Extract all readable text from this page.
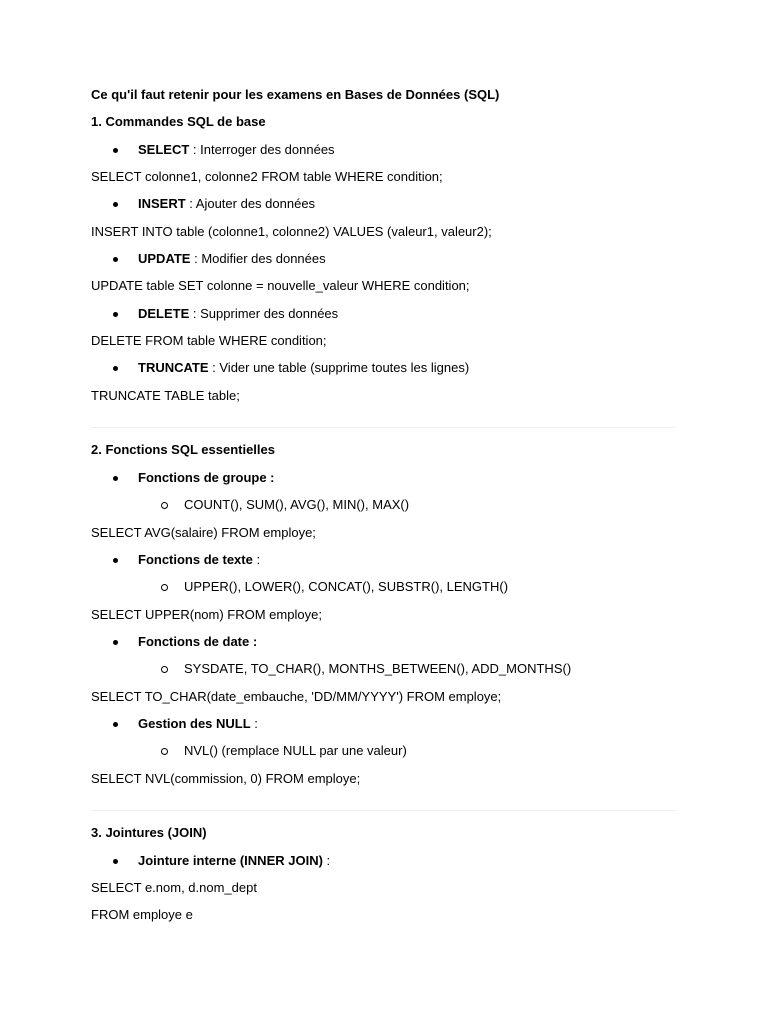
Ce qu'il faut retenir pour les examens en Bases de Données (SQL)
1. Commandes SQL de base
SELECT : Interroger des données
SELECT colonne1, colonne2 FROM table WHERE condition;
INSERT : Ajouter des données
INSERT INTO table (colonne1, colonne2) VALUES (valeur1, valeur2);
UPDATE : Modifier des données
UPDATE table SET colonne = nouvelle_valeur WHERE condition;
DELETE : Supprimer des données
DELETE FROM table WHERE condition;
TRUNCATE : Vider une table (supprime toutes les lignes)
TRUNCATE TABLE table;
2. Fonctions SQL essentielles
Fonctions de groupe :
COUNT(), SUM(), AVG(), MIN(), MAX()
SELECT AVG(salaire) FROM employe;
Fonctions de texte :
UPPER(), LOWER(), CONCAT(), SUBSTR(), LENGTH()
SELECT UPPER(nom) FROM employe;
Fonctions de date :
SYSDATE, TO_CHAR(), MONTHS_BETWEEN(), ADD_MONTHS()
SELECT TO_CHAR(date_embauche, 'DD/MM/YYYY') FROM employe;
Gestion des NULL :
NVL() (remplace NULL par une valeur)
SELECT NVL(commission, 0) FROM employe;
3. Jointures (JOIN)
Jointure interne (INNER JOIN) :
SELECT e.nom, d.nom_dept
FROM employe e
